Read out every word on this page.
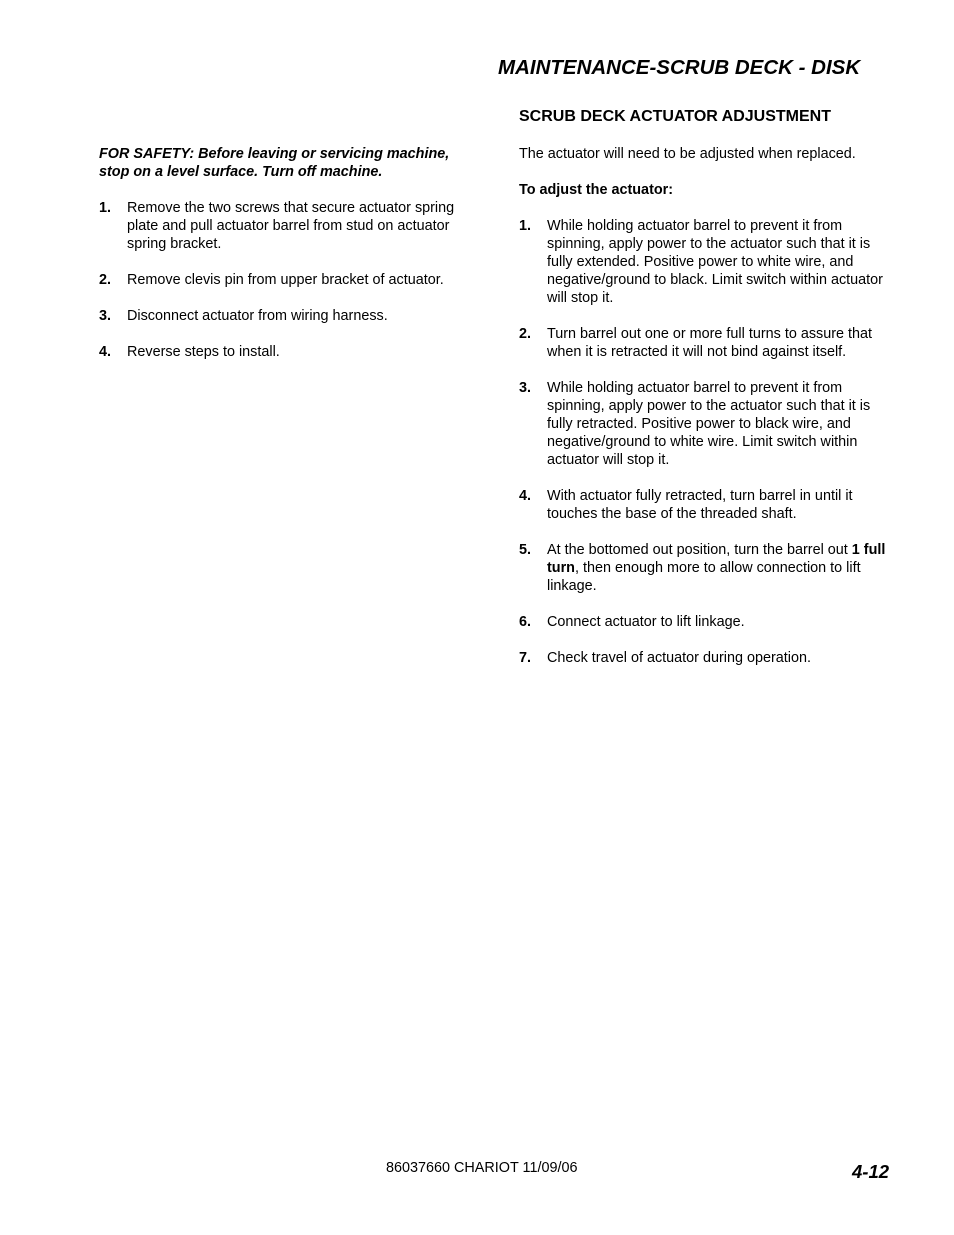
MAINTENANCE-SCRUB DECK - DISK
SCRUB DECK ACTUATOR ADJUSTMENT

FOR SAFETY: Before leaving or servicing machine, stop on a level surface. Turn off machine.

1. Remove the two screws that secure actuator spring plate and pull actuator barrel from stud on actuator spring bracket.
2. Remove clevis pin from upper bracket of actuator.
3. Disconnect actuator from wiring harness.
4. Reverse steps to install.

The actuator will need to be adjusted when replaced.

To adjust the actuator:

1. While holding actuator barrel to prevent it from spinning, apply power to the actuator such that it is fully extended. Positive power to white wire, and negative/ground to black. Limit switch within actuator will stop it.
2. Turn barrel out one or more full turns to assure that when it is retracted it will not bind against itself.
3. While holding actuator barrel to prevent it from spinning, apply power to the actuator such that it is fully retracted. Positive power to black wire, and negative/ground to white wire. Limit switch within actuator will stop it.
4. With actuator fully retracted, turn barrel in until it touches the base of the threaded shaft.
5. At the bottomed out position, turn the barrel out 1 full turn, then enough more to allow connection to lift linkage.
6. Connect actuator to lift linkage.
7. Check travel of actuator during operation.
86037660 CHARIOT 11/09/06	4-12
